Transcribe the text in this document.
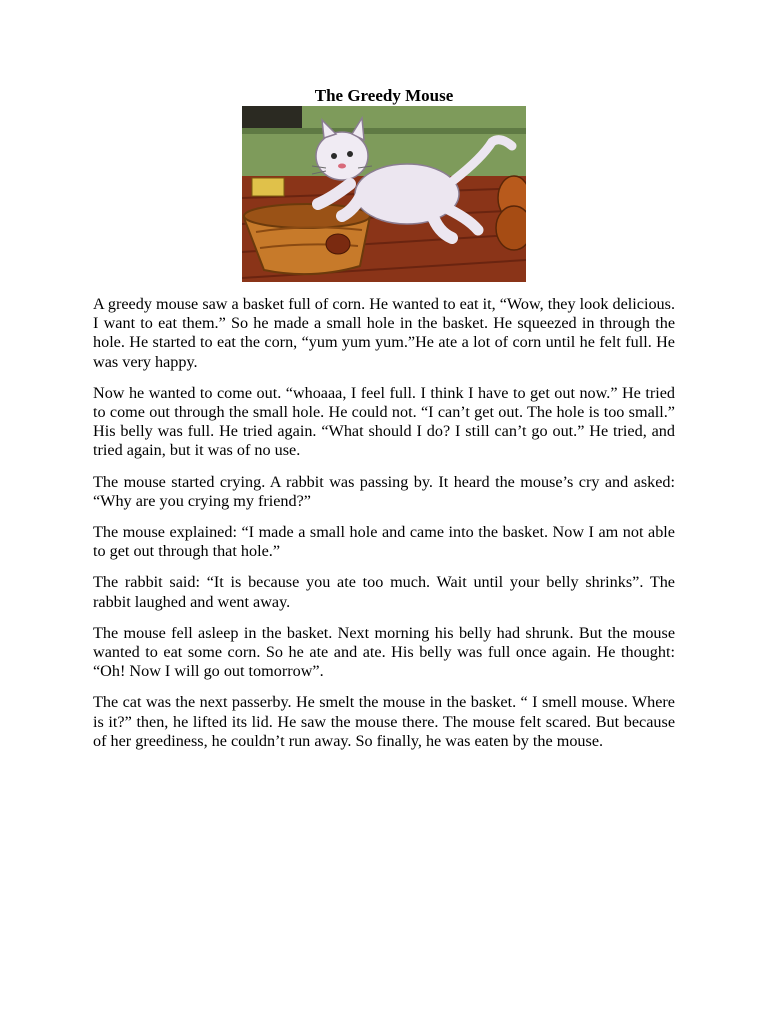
The Greedy Mouse

A greedy mouse saw a basket full of corn. He wanted to eat it, “Wow, they look delicious. I want to eat them.” So he made a small hole in the basket. He squeezed in through the hole. He started to eat the corn, “yum yum yum.”He ate a lot of corn until he felt full. He was very happy.

Now he wanted to come out. “whoaaa, I feel full. I think I have to get out now.” He tried to come out through the small hole. He could not. “I can’t get out. The hole is too small.” His belly was full. He tried again. “What should I do? I still can’t go out.” He tried, and tried again, but it was of no use.

The mouse started crying. A rabbit was passing by. It heard the mouse’s cry and asked: “Why are you crying my friend?”

The mouse explained: “I made a small hole and came into the basket. Now I am not able to get out through that hole.”

The rabbit said: “It is because you ate too much. Wait until your belly shrinks”. The rabbit laughed and went away.

The mouse fell asleep in the basket. Next morning his belly had shrunk. But the mouse wanted to eat some corn. So he ate and ate. His belly was full once again. He thought: “Oh! Now I will go out tomorrow”.

The cat was the next passerby. He smelt the mouse in the basket. “ I smell mouse. Where is it?” then, he lifted its lid. He saw the mouse there. The mouse felt scared. But because of her greediness, he couldn’t run away. So finally, he was eaten by the mouse.
